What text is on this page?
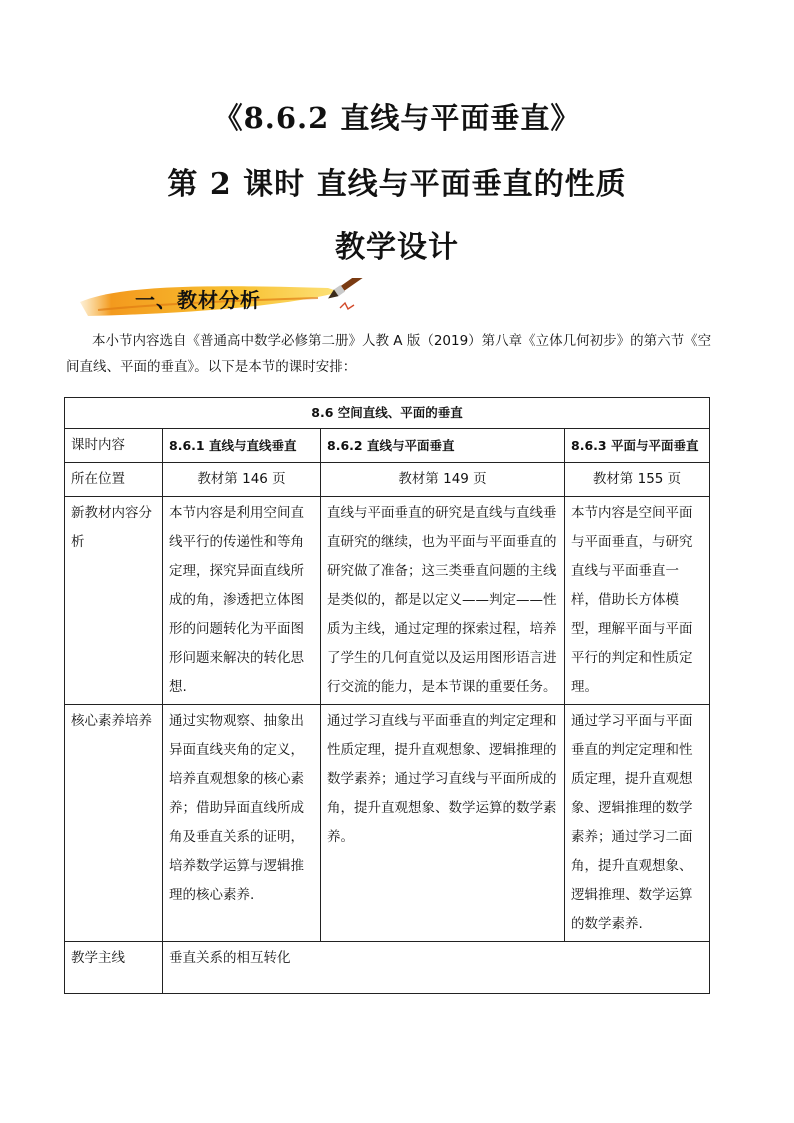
《8.6.2 直线与平面垂直》
第 2 课时 直线与平面垂直的性质
教学设计
一、教材分析
本小节内容选自《普通高中数学必修第二册》人教 A 版（2019）第八章《立体几何初步》的第六节《空间直线、平面的垂直》。以下是本节的课时安排：
8.6 空间直线、平面的垂直			
课时内容	8.6.1 直线与直线垂直	8.6.2 直线与平面垂直	8.6.3 平面与平面垂直
所在位置	教材第 146 页	教材第 149 页	教材第 155 页
新教材内容分析	本节内容是利用空间直线平行的传递性和等角定理，探究异面直线所成的角，渗透把立体图形的问题转化为平面图形问题来解决的转化思想.	直线与平面垂直的研究是直线与直线垂直研究的继续，也为平面与平面垂直的研究做了准备；这三类垂直问题的主线是类似的，都是以定义——判定——性质为主线，通过定理的探索过程，培养了学生的几何直觉以及运用图形语言进行交流的能力，是本节课的重要任务。	本节内容是空间平面与平面垂直，与研究直线与平面垂直一样，借助长方体模型，理解平面与平面平行的判定和性质定理。
核心素养培养	通过实物观察、抽象出异面直线夹角的定义，培养直观想象的核心素养；借助异面直线所成角及垂直关系的证明，培养数学运算与逻辑推理的核心素养.	通过学习直线与平面垂直的判定定理和性质定理，提升直观想象、逻辑推理的数学素养；通过学习直线与平面所成的角，提升直观想象、数学运算的数学素养。	通过学习平面与平面垂直的判定定理和性质定理，提升直观想象、逻辑推理的数学素养；通过学习二面角，提升直观想象、逻辑推理、数学运算的数学素养.
教学主线	垂直关系的相互转化		
